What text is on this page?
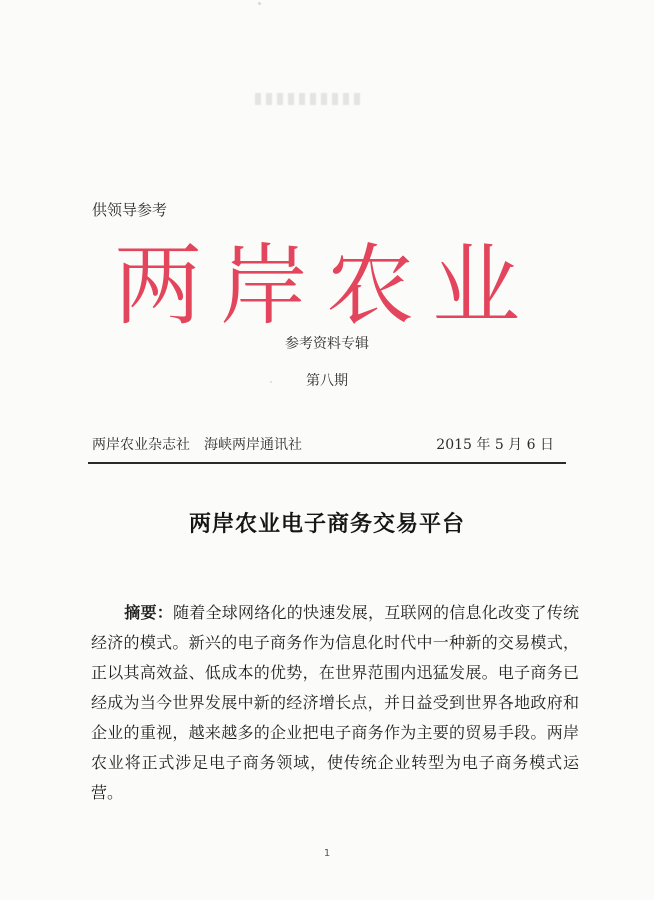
供领导参考
两岸农业
参考资料专辑
第八期
两岸农业杂志社　海峡两岸通讯社	2015 年 5 月 6 日
两岸农业电子商务交易平台
摘要：随着全球网络化的快速发展，互联网的信息化改变了传统经济的模式。新兴的电子商务作为信息化时代中一种新的交易模式，正以其高效益、低成本的优势，在世界范围内迅猛发展。电子商务已经成为当今世界发展中新的经济增长点，并日益受到世界各地政府和企业的重视，越来越多的企业把电子商务作为主要的贸易手段。两岸农业将正式涉足电子商务领域，使传统企业转型为电子商务模式运营。
1
